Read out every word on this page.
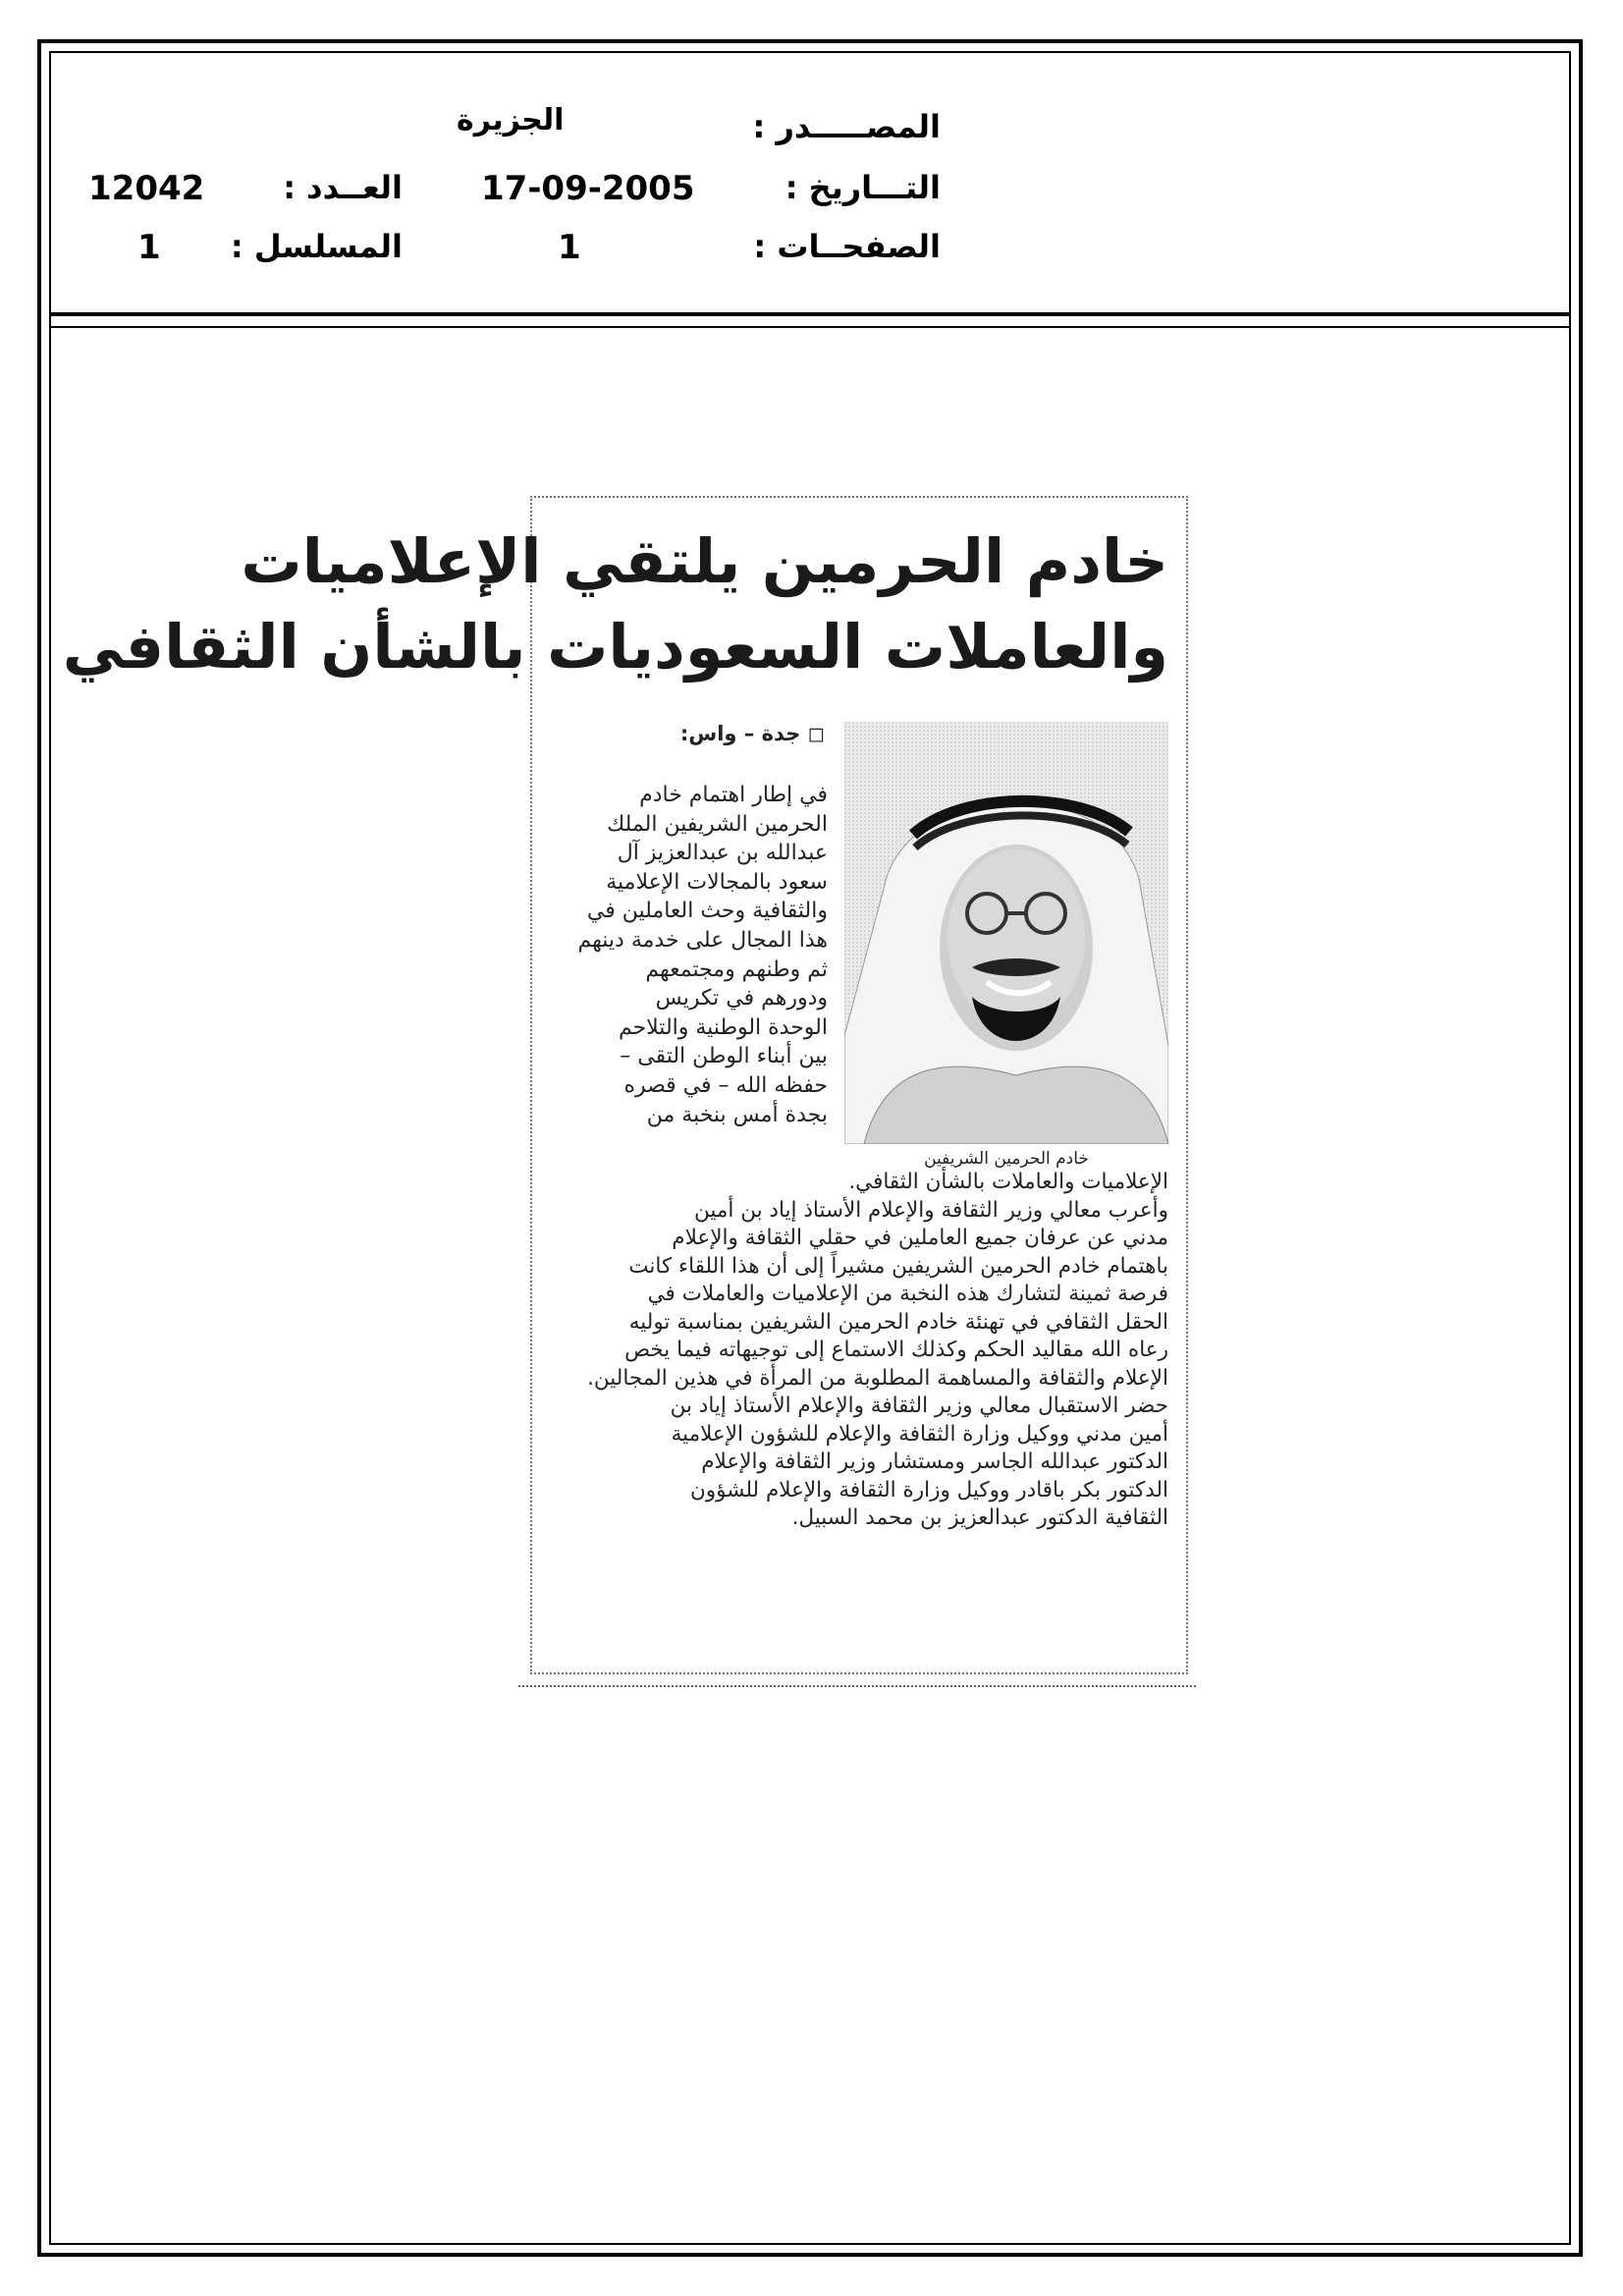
المصـــــدر :
الجزيرة
التـــاريخ :
17-09-2005
الصفحــات :
1
العــدد :
12042
المسلسل :
1
خادم الحرمين يلتقي الإعلاميات
والعاملات السعوديات بالشأن الثقافي
◻ جدة – واس:
خادم الحرمين الشريفين

في إطار اهتمام خادم

الحرمين الشريفين الملك

عبدالله بن عبدالعزيز آل

سعود بالمجالات الإعلامية

والثقافية وحث العاملين في

هذا المجال على خدمة دينهم

ثم وطنهم ومجتمعهم

ودورهم في تكريس

الوحدة الوطنية والتلاحم

بين أبناء الوطن التقى –

حفظه الله – في قصره

بجدة أمس بنخبة من

الإعلاميات والعاملات بالشأن الثقافي.

وأعرب معالي وزير الثقافة والإعلام الأستاذ إياد بن أمين

مدني عن عرفان جميع العاملين في حقلي الثقافة والإعلام

باهتمام خادم الحرمين الشريفين مشيراً إلى أن هذا اللقاء كانت

فرصة ثمينة لتشارك هذه النخبة من الإعلاميات والعاملات في

الحقل الثقافي في تهنئة خادم الحرمين الشريفين بمناسبة توليه

رعاه الله مقاليد الحكم وكذلك الاستماع إلى توجيهاته فيما يخص

الإعلام والثقافة والمساهمة المطلوبة من المرأة في هذين المجالين.

حضر الاستقبال معالي وزير الثقافة والإعلام الأستاذ إياد بن

أمين مدني ووكيل وزارة الثقافة والإعلام للشؤون الإعلامية

الدكتور عبدالله الجاسر ومستشار وزير الثقافة والإعلام

الدكتور بكر باقادر ووكيل وزارة الثقافة والإعلام للشؤون

الثقافية الدكتور عبدالعزيز بن محمد السبيل.
